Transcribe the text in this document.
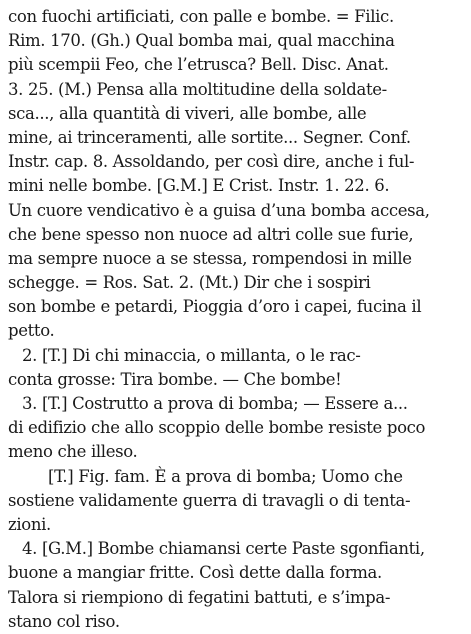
con fuochi artificiati, con palle e bombe. = Filic.
Rim. 170. (Gh.) Qual bomba mai, qual macchina
più scempii Feo, che l’etrusca? Bell. Disc. Anat.
3. 25. (M.) Pensa alla moltitudine della soldate-
sca..., alla quantità di viveri, alle bombe, alle
mine, ai trinceramenti, alle sortite... Segner. Conf.
Instr. cap. 8. Assoldando, per così dire, anche i ful-
mini nelle bombe. [G.M.] E Crist. Instr. 1. 22. 6.
Un cuore vendicativo è a guisa d’una bomba accesa,
che bene spesso non nuoce ad altri colle sue furie,
ma sempre nuoce a se stessa, rompendosi in mille
schegge. = Ros. Sat. 2. (Mt.) Dir che i sospiri
son bombe e petardi, Pioggia d’oro i capei, fucina il
petto.
2. [T.] Di chi minaccia, o millanta, o le rac-
conta grosse: Tira bombe. — Che bombe!
3. [T.] Costrutto a prova di bomba; — Essere a...
di edifizio che allo scoppio delle bombe resiste poco
meno che illeso.
[T.] Fig. fam. È a prova di bomba; Uomo che
sostiene validamente guerra di travagli o di tenta-
zioni.
4. [G.M.] Bombe chiamansi certe Paste sgonfianti,
buone a mangiar fritte. Così dette dalla forma.
Talora si riempiono di fegatini battuti, e s’impa-
stano col riso.
